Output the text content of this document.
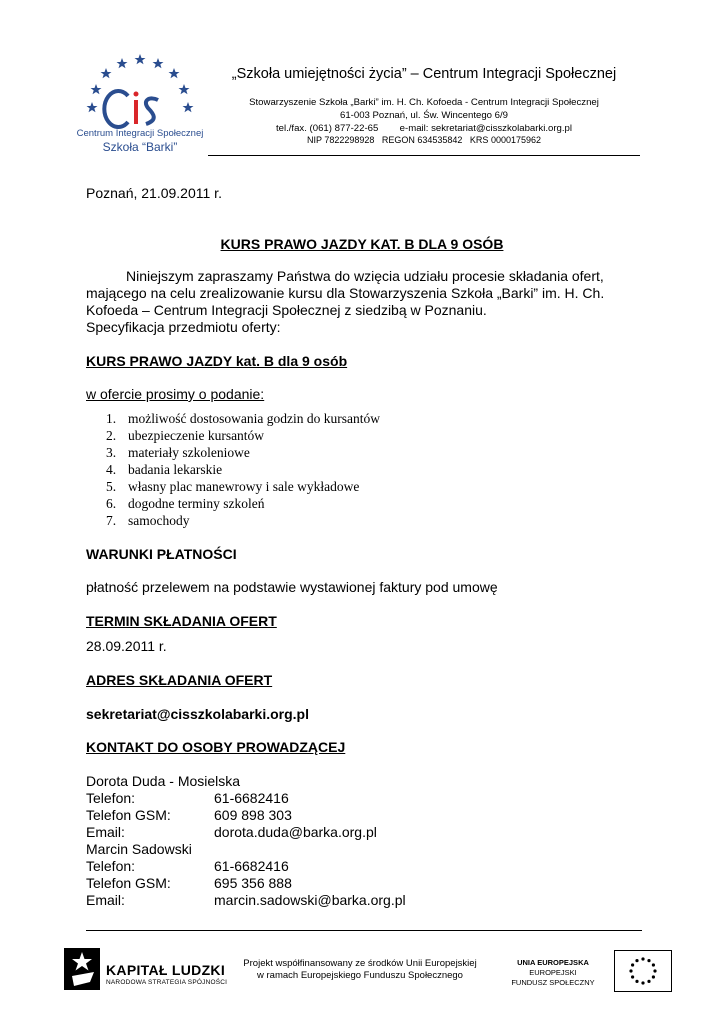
Centrum Integracji Społecznej
Szkoła “Barki”
„Szkoła umiejętności życia” – Centrum Integracji Społecznej
Stowarzyszenie Szkoła „Barki” im. H. Ch. Kofoeda - Centrum Integracji Społecznej
61-003 Poznań, ul. Św. Wincentego 6/9
tel./fax. (061) 877-22-65        e-mail: sekretariat@cisszkolabarki.org.pl
NIP 7822298928   REGON 634535842   KRS 0000175962
Poznań, 21.09.2011 r.
KURS PRAWO JAZDY KAT. B DLA 9 OSÓB

Niniejszym zapraszamy Państwa do wzięcia udziału procesie składania ofert,

mającego na celu zrealizowanie kursu dla Stowarzyszenia Szkoła „Barki” im. H. Ch.

Kofoeda – Centrum Integracji Społecznej z siedzibą w Poznaniu.

Specyfikacja przedmiotu oferty:

KURS PRAWO JAZDY kat. B dla 9 osób
w ofercie prosimy o podanie:
1. możliwość dostosowania godzin do kursantów
2. ubezpieczenie kursantów
3. materiały szkoleniowe
4. badania lekarskie
5. własny plac manewrowy i sale wykładowe
6. dogodne terminy szkoleń
7. samochody
WARUNKI PŁATNOŚCI
płatność przelewem na podstawie wystawionej faktury pod umowę
TERMIN SKŁADANIA OFERT
28.09.2011 r.
ADRES SKŁADANIA OFERT
sekretariat@cisszkolabarki.org.pl
KONTAKT DO OSOBY PROWADZĄCEJ
Dorota Duda - Mosielska
Telefon:	61-6682416
Telefon GSM:	609 898 303
Email:	dorota.duda@barka.org.pl
Marcin Sadowski
Telefon:	61-6682416
Telefon GSM:	695 356 888
Email:	marcin.sadowski@barka.org.pl
KAPITAŁ LUDZKI
NARODOWA STRATEGIA SPÓJNOŚCI
Projekt współfinansowany ze środków Unii Europejskiej
w ramach Europejskiego Funduszu Społecznego
UNIA EUROPEJSKA
EUROPEJSKI
FUNDUSZ SPOŁECZNY
